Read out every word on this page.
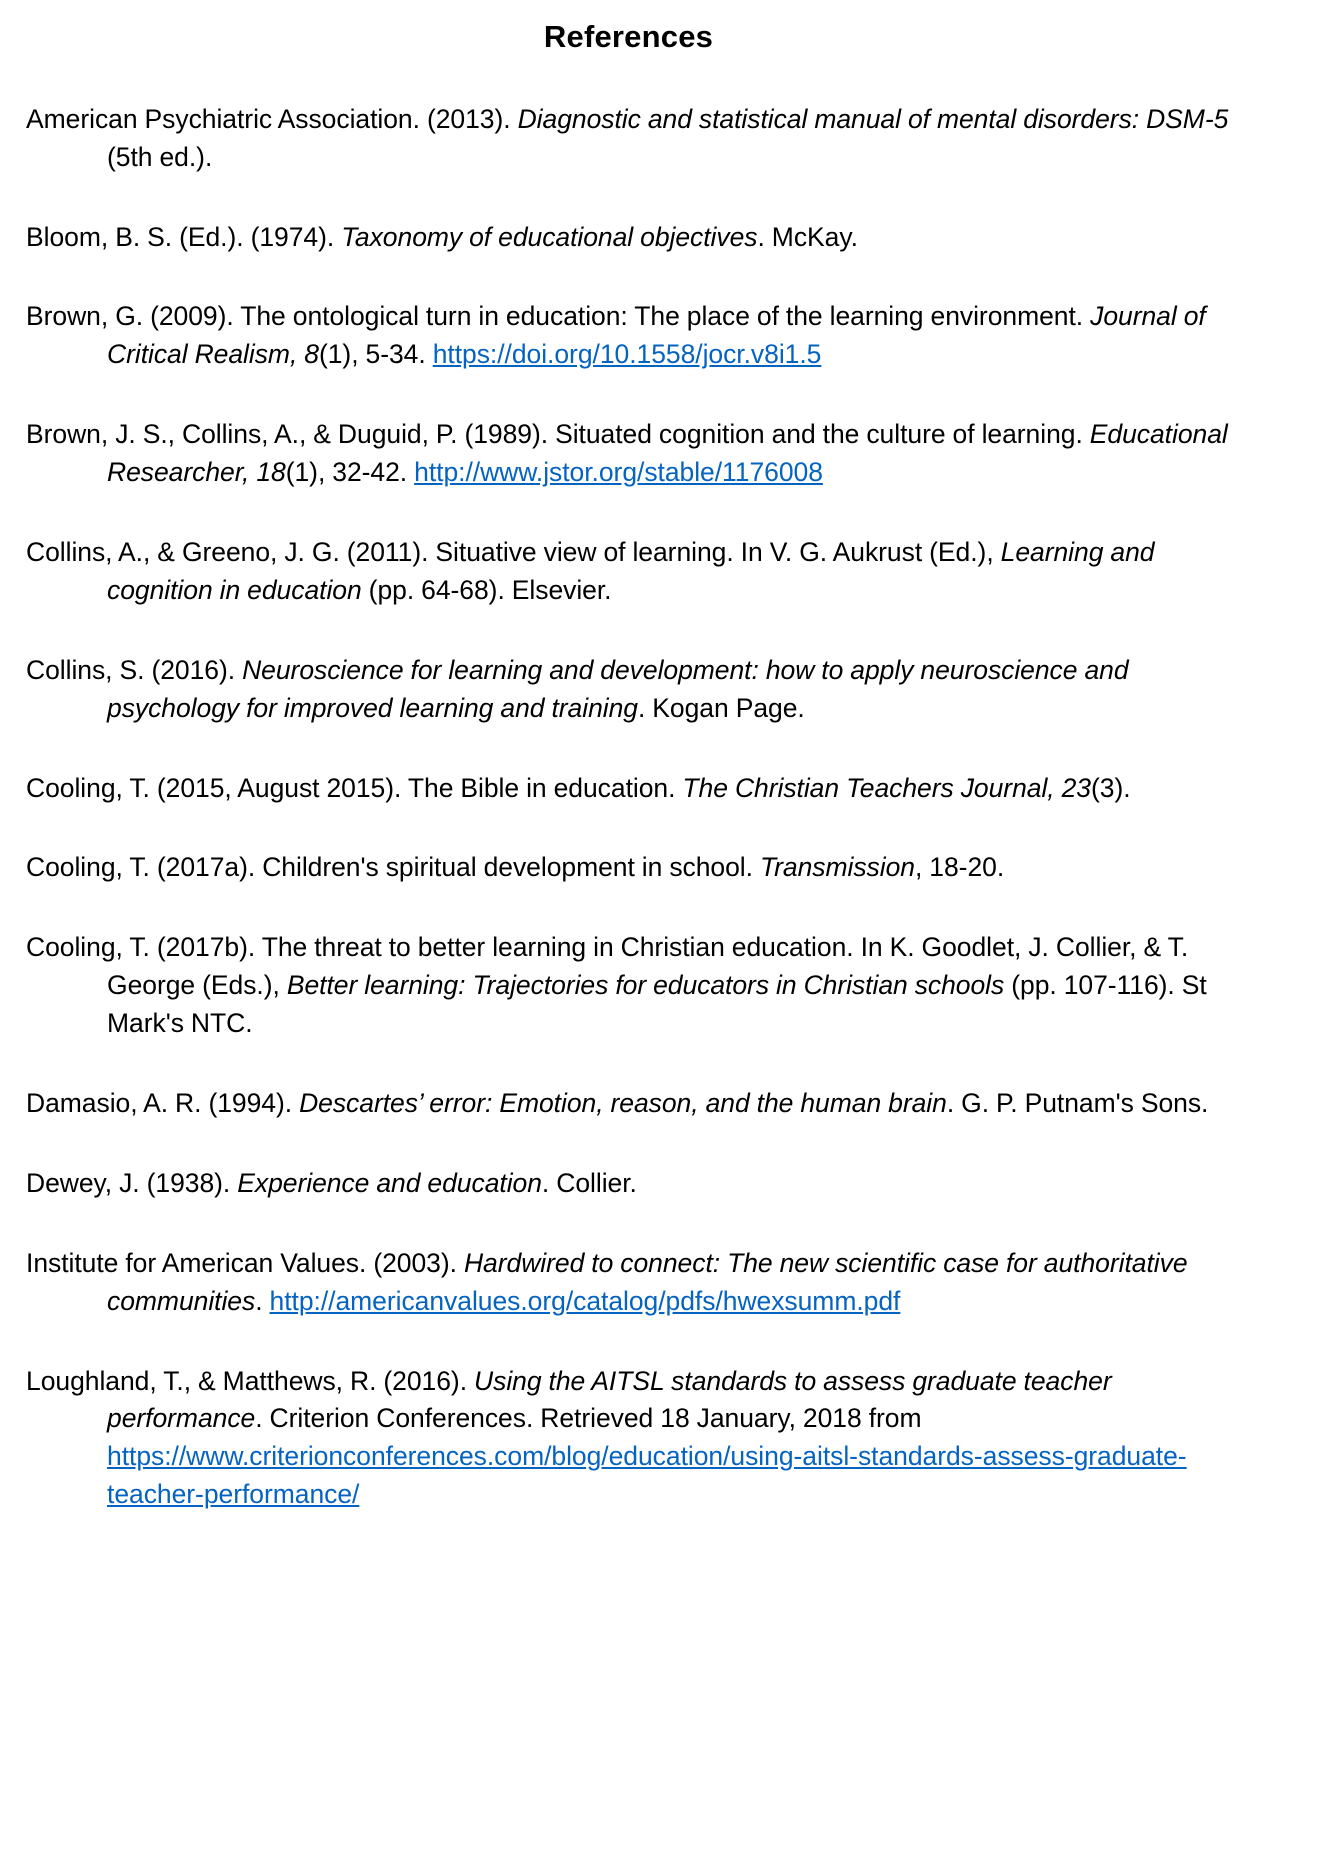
References
American Psychiatric Association. (2013). Diagnostic and statistical manual of mental disorders: DSM-5 (5th ed.).
Bloom, B. S. (Ed.). (1974). Taxonomy of educational objectives. McKay.
Brown, G. (2009). The ontological turn in education: The place of the learning environment. Journal of Critical Realism, 8(1), 5-34. https://doi.org/10.1558/jocr.v8i1.5
Brown, J. S., Collins, A., & Duguid, P. (1989). Situated cognition and the culture of learning. Educational Researcher, 18(1), 32-42. http://www.jstor.org/stable/1176008
Collins, A., & Greeno, J. G. (2011). Situative view of learning. In V. G. Aukrust (Ed.), Learning and cognition in education (pp. 64-68). Elsevier.
Collins, S. (2016). Neuroscience for learning and development: how to apply neuroscience and psychology for improved learning and training. Kogan Page.
Cooling, T. (2015, August 2015). The Bible in education. The Christian Teachers Journal, 23(3).
Cooling, T. (2017a). Children's spiritual development in school. Transmission, 18-20.
Cooling, T. (2017b). The threat to better learning in Christian education. In K. Goodlet, J. Collier, & T. George (Eds.), Better learning: Trajectories for educators in Christian schools (pp. 107-116). St Mark's NTC.
Damasio, A. R. (1994). Descartes’ error: Emotion, reason, and the human brain. G. P. Putnam's Sons.
Dewey, J. (1938). Experience and education. Collier.
Institute for American Values. (2003). Hardwired to connect: The new scientific case for authoritative communities. http://americanvalues.org/catalog/pdfs/hwexsumm.pdf
Loughland, T., & Matthews, R. (2016). Using the AITSL standards to assess graduate teacher performance. Criterion Conferences. Retrieved 18 January, 2018 from https://www.criterionconferences.com/blog/education/using-aitsl-standards-assess-graduate-teacher-performance/
